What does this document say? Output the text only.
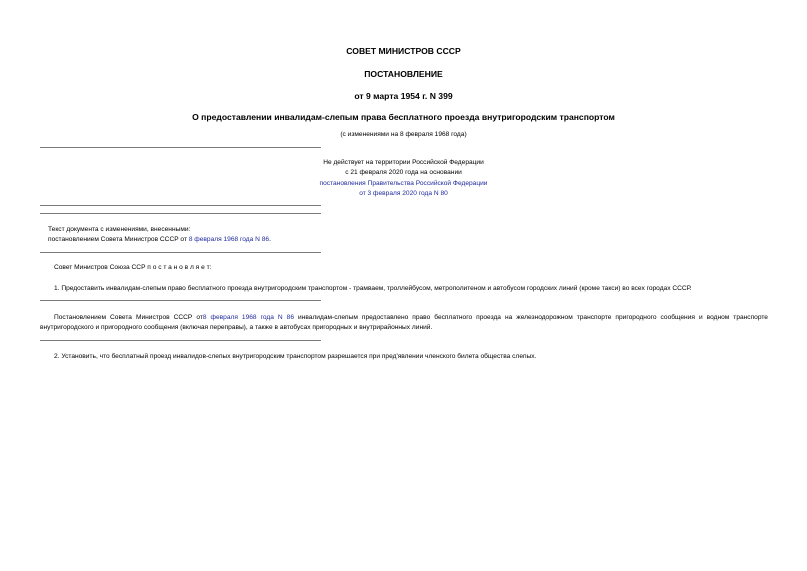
СОВЕТ МИНИСТРОВ СССР
ПОСТАНОВЛЕНИЕ
от 9 марта 1954 г. N 399
О предоставлении инвалидам-слепым права бесплатного проезда внутригородским транспортом
(с изменениями на 8 февраля 1968 года)
Не действует на территории Российской Федерации
с 21 февраля 2020 года на основании
постановления Правительства Российской Федерации
от 3 февраля 2020 года N 80
Текст документа с изменениями, внесенными:
постановлением Совета Министров СССР от 8 февраля 1968 года N 86.
Совет Министров Союза ССР п о с т а н о в л я е т:
1. Предоставить инвалидам-слепым право бесплатного проезда внутригородским транспортом - трамваем, троллейбусом, метрополитеном и автобусом городских линий (кроме такси) во всех городах СССР.
Постановлением Совета Министров СССР от8 февраля 1968 года N 86 инвалидам-слепым предоставлено право бесплатного проезда на железнодорожном транспорте пригородного сообщения и водном транспорте внутригородского и пригородного сообщения (включая переправы), а также в автобусах пригородных и внутрирайонных линий.
2. Установить, что бесплатный проезд инвалидов-слепых внутригородским транспортом разрешается при пред'явлении членского билета общества слепых.
